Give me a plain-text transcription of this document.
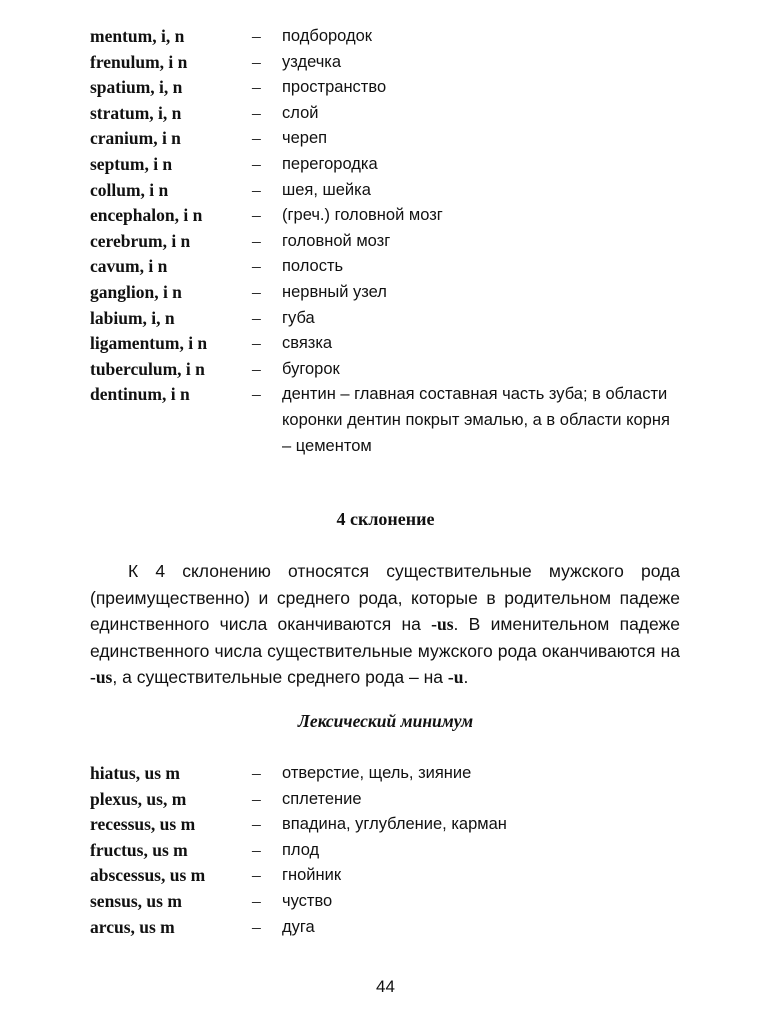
mentum, i, n	–	подбородок
frenulum, i n	–	уздечка
spatium, i, n	–	пространство
stratum, i, n	–	слой
cranium, i n	–	череп
septum, i n	–	перегородка
collum, i n	–	шея, шейка
encephalon, i n	–	(греч.) головной мозг
cerebrum, i n	–	головной мозг
cavum, i n	–	полость
ganglion, i n	–	нервный узел
labium, i, n	–	губа
ligamentum, i n	–	связка
tuberculum, i n	–	бугорок
dentinum, i n	–	дентин – главная составная часть зуба; в области коронки дентин покрыт эмалью, а в области корня – цементом
4 склонение
К 4 склонению относятся существительные мужского рода (преимущественно) и среднего рода, которые в родительном падеже единственного числа оканчиваются на -us. В именительном падеже единственного числа существительные мужского рода оканчиваются на -us, а существительные среднего рода – на -u.
Лексический минимум
hiatus, us m	–	отверстие, щель, зияние
plexus, us, m	–	сплетение
recessus, us m	–	впадина, углубление, карман
fructus, us m	–	плод
abscessus, us m	–	гнойник
sensus, us m	–	чуство
arcus, us m	–	дуга
44
